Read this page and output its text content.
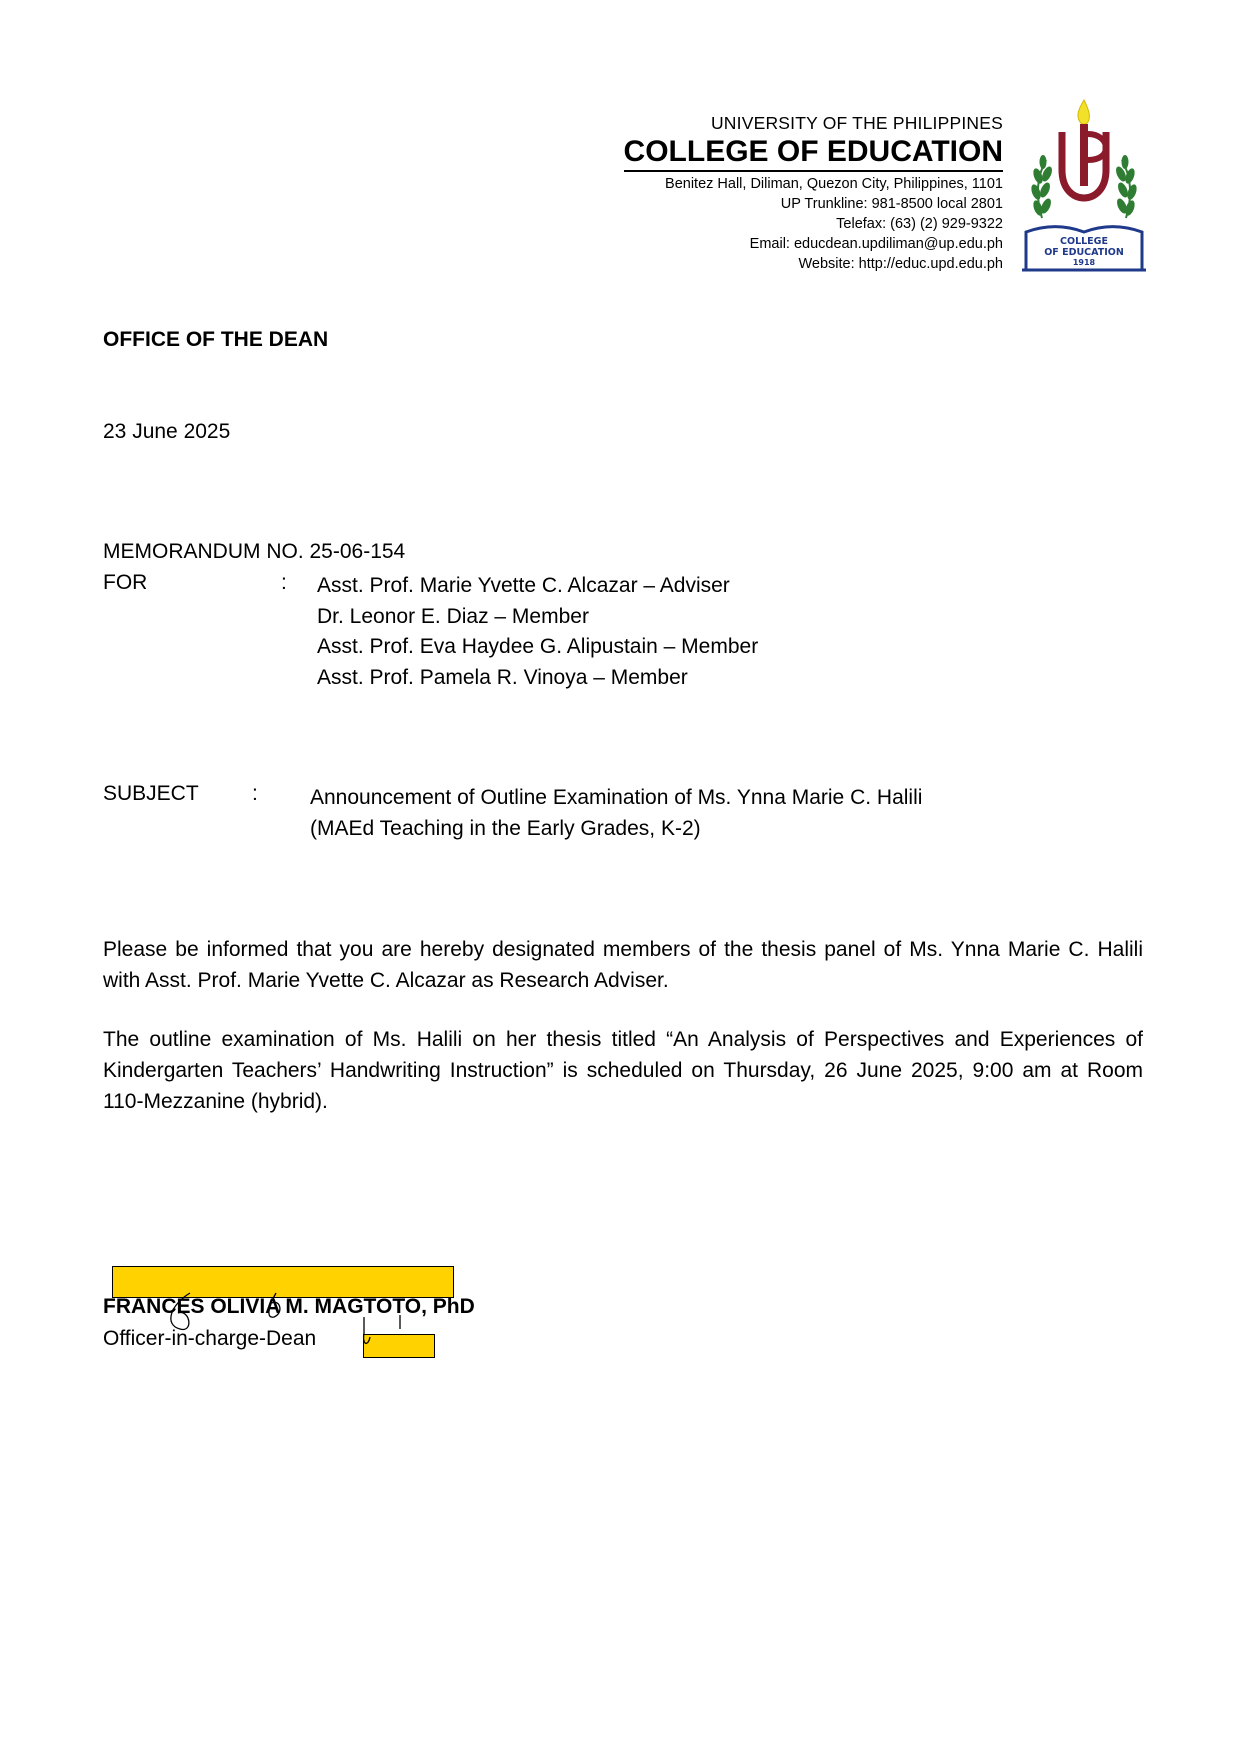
UNIVERSITY OF THE PHILIPPINES
COLLEGE OF EDUCATION
Benitez Hall, Diliman, Quezon City, Philippines, 1101
UP Trunkline: 981-8500 local 2801
Telefax: (63) (2) 929-9322
Email: educdean.updiliman@up.edu.ph
Website: http://educ.upd.edu.ph
COLLEGE
OF EDUCATION
1918
OFFICE OF THE DEAN
23 June 2025
MEMORANDUM NO. 25-06-154
FOR	: Asst. Prof. Marie Yvette C. Alcazar – Adviser
Dr. Leonor E. Diaz – Member
Asst. Prof. Eva Haydee G. Alipustain – Member
Asst. Prof. Pamela R. Vinoya – Member
SUBJECT	: Announcement of Outline Examination of Ms. Ynna Marie C. Halili
(MAEd Teaching in the Early Grades, K-2)
Please be informed that you are hereby designated members of the thesis panel of Ms. Ynna Marie C. Halili with Asst. Prof. Marie Yvette C. Alcazar as Research Adviser.
The outline examination of Ms. Halili on her thesis titled “An Analysis of Perspectives and Experiences of Kindergarten Teachers’ Handwriting Instruction” is scheduled on Thursday, 26 June 2025, 9:00 am at Room 110-Mezzanine (hybrid).
FRANCES OLIVIA M. MAGTOTO, PhD
Officer-in-charge-Dean
